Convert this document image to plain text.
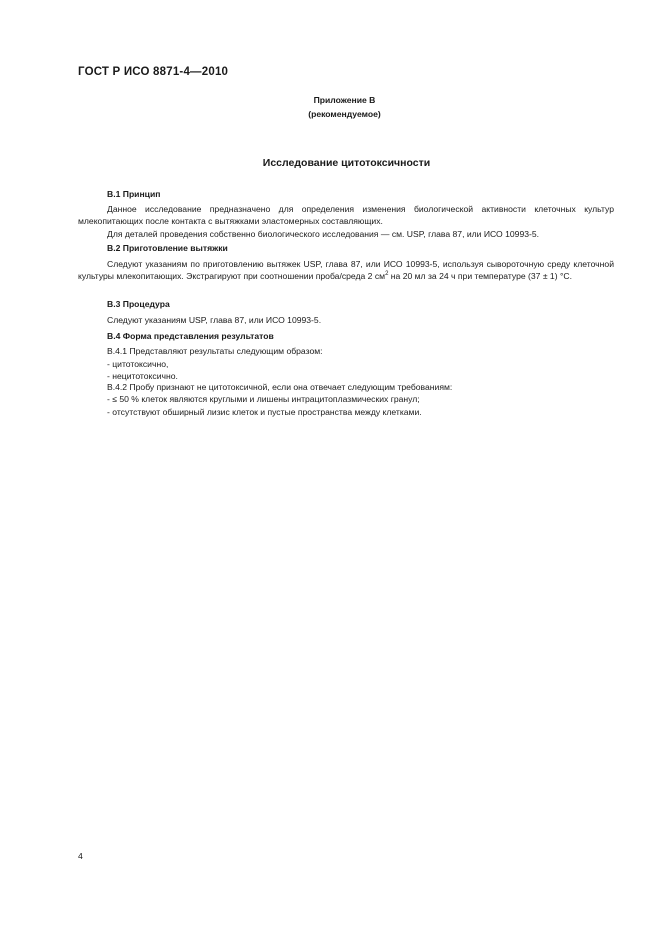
ГОСТ Р ИСО 8871-4—2010
Приложение В
(рекомендуемое)
Исследование цитотоксичности
В.1 Принцип
Данное исследование предназначено для определения изменения биологической активности клеточных культур млекопитающих после контакта с вытяжками эластомерных составляющих.
Для деталей проведения собственно биологического исследования — см. USP, глава 87, или ИСО 10993-5.
В.2 Приготовление вытяжки
Следуют указаниям по приготовлению вытяжек USP, глава 87, или ИСО 10993-5, используя сывороточную среду клеточной культуры млекопитающих. Экстрагируют при соотношении проба/среда 2 $см^2$ на 20 мл за 24 ч при температуре (37 ± 1) °С.
В.3 Процедура
Следуют указаниям USP, глава 87, или ИСО 10993-5.
В.4 Форма представления результатов
В.4.1 Представляют результаты следующим образом:
- цитотоксично,
- нецитотоксично.
В.4.2 Пробу признают не цитотоксичной, если она отвечает следующим требованиям:
- ≤ 50 % клеток являются круглыми и лишены интрацитоплазмических гранул;
- отсутствуют обширный лизис клеток и пустые пространства между клетками.
4
